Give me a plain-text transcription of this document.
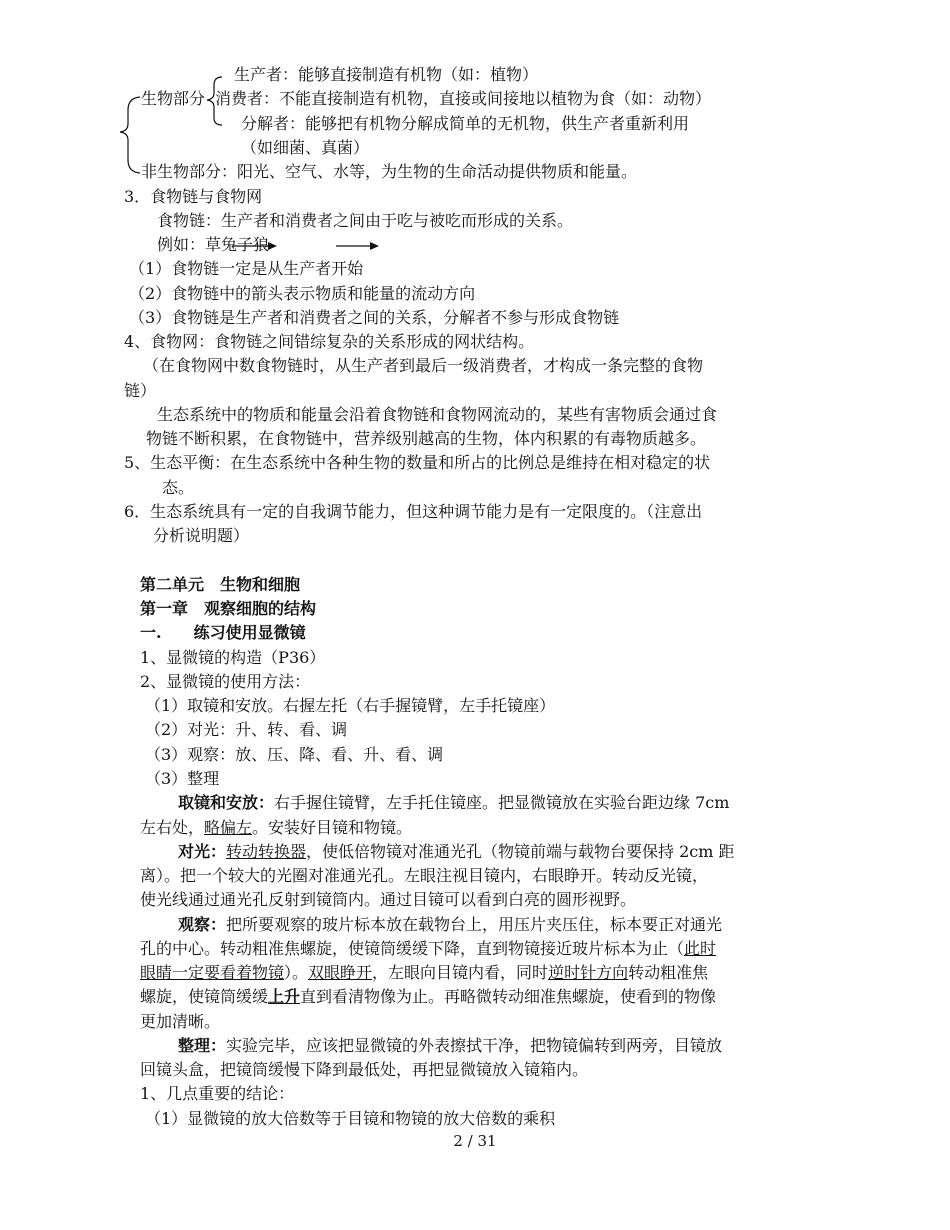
生产者：能够直接制造有机物（如：植物）
生物部分 消费者：不能直接制造有机物，直接或间接地以植物为食（如：动物）
分解者：能够把有机物分解成简单的无机物，供生产者重新利用
（如细菌、真菌）
非生物部分：阳光、空气、水等，为生物的生命活动提供物质和能量。
3．食物链与食物网
食物链：生产者和消费者之间由于吃与被吃而形成的关系。
例如：草兔子狼
（1）食物链一定是从生产者开始
（2）食物链中的箭头表示物质和能量的流动方向
（3）食物链是生产者和消费者之间的关系，分解者不参与形成食物链
4、食物网：食物链之间错综复杂的关系形成的网状结构。
（在食物网中数食物链时，从生产者到最后一级消费者，才构成一条完整的食物
链）
生态系统中的物质和能量会沿着食物链和食物网流动的，某些有害物质会通过食
物链不断积累，在食物链中，营养级别越高的生物，体内积累的有毒物质越多。
5、生态平衡：在生态系统中各种生物的数量和所占的比例总是维持在相对稳定的状
态。
6．生态系统具有一定的自我调节能力，但这种调节能力是有一定限度的。（注意出
分析说明题）
第二单元　生物和细胞
第一章　观察细胞的结构
一.　　练习使用显微镜
1、显微镜的构造（P36）
2、显微镜的使用方法：
（1）取镜和安放。右握左托（右手握镜臂，左手托镜座）
（2）对光：升、转、看、调
（3）观察：放、压、降、看、升、看、调
（3）整理
取镜和安放：右手握住镜臂，左手托住镜座。把显微镜放在实验台距边缘 7cm
左右处，略偏左。安装好目镜和物镜。
对光：转动转换器，使低倍物镜对准通光孔（物镜前端与载物台要保持 2cm 距
离）。把一个较大的光圈对准通光孔。左眼注视目镜内，右眼睁开。转动反光镜，
使光线通过通光孔反射到镜筒内。通过目镜可以看到白亮的圆形视野。
观察：把所要观察的玻片标本放在载物台上，用压片夹压住，标本要正对通光
孔的中心。转动粗准焦螺旋，使镜筒缓缓下降，直到物镜接近玻片标本为止（此时
眼睛一定要看着物镜）。双眼睁开，左眼向目镜内看，同时逆时针方向转动粗准焦
螺旋，使镜筒缓缓上升直到看清物像为止。再略微转动细准焦螺旋，使看到的物像
更加清晰。
整理：实验完毕，应该把显微镜的外表擦拭干净，把物镜偏转到两旁，目镜放
回镜头盒，把镜筒缓慢下降到最低处，再把显微镜放入镜箱内。
1、几点重要的结论：
（1）显微镜的放大倍数等于目镜和物镜的放大倍数的乘积
2 / 31
